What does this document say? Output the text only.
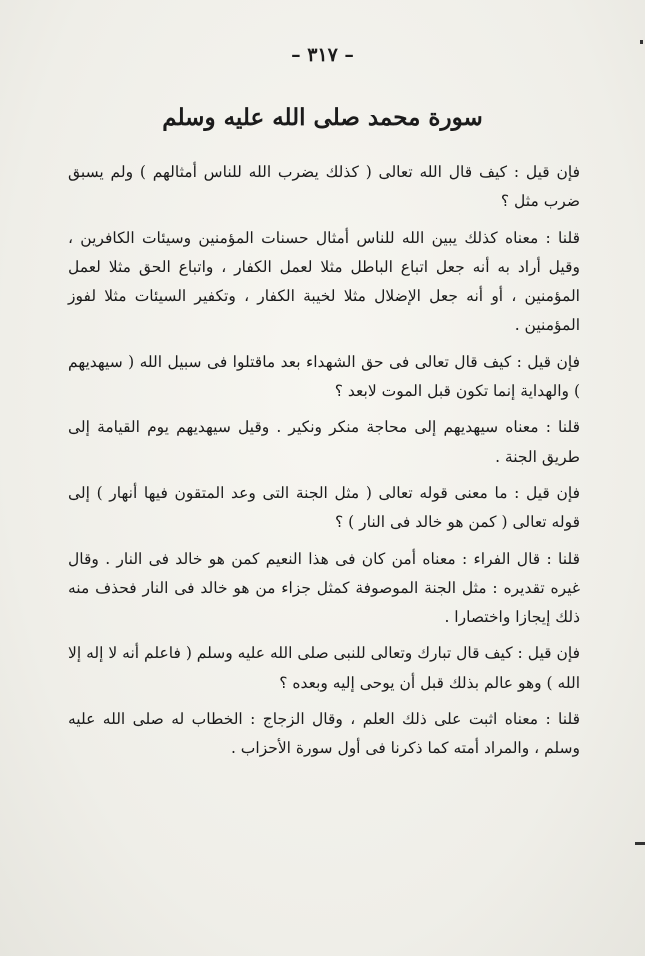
– ٣١٧ –
سورة محمد صلى الله عليه وسلم

فإن قيل : كيف قال الله تعالى ( كذلك يضرب الله للناس أمثالهم ) ولم يسبق ضرب مثل ؟

قلنا : معناه كذلك يبين الله للناس أمثال حسنات المؤمنين وسيئات الكافرين ، وقيل أراد به أنه جعل اتباع الباطل مثلا لعمل الكفار ، واتباع الحق مثلا لعمل المؤمنين ، أو أنه جعل الإضلال مثلا لخيبة الكفار ، وتكفير السيئات مثلا لفوز المؤمنين .

فإن قيل : كيف قال تعالى فى حق الشهداء بعد ماقتلوا فى سبيل الله ( سيهديهم ) والهداية إنما تكون قبل الموت لابعد ؟

قلنا : معناه سيهديهم إلى محاجة منكر ونكير . وقيل سيهديهم يوم القيامة إلى طريق الجنة .

فإن قيل : ما معنى قوله تعالى ( مثل الجنة التى وعد المتقون فيها أنهار ) إلى قوله تعالى ( كمن هو خالد فى النار ) ؟

قلنا : قال الفراء : معناه أمن كان فى هذا النعيم كمن هو خالد فى النار . وقال غيره تقديره : مثل الجنة الموصوفة كمثل جزاء من هو خالد فى النار فحذف منه ذلك إيجازا واختصارا .

فإن قيل : كيف قال تبارك وتعالى للنبى صلى الله عليه وسلم ( فاعلم أنه لا إله إلا الله ) وهو عالم بذلك قبل أن يوحى إليه وبعده ؟

قلنا : معناه اثبت على ذلك العلم ، وقال الزجاج : الخطاب له صلى الله عليه وسلم ، والمراد أمته كما ذكرنا فى أول سورة الأحزاب .
